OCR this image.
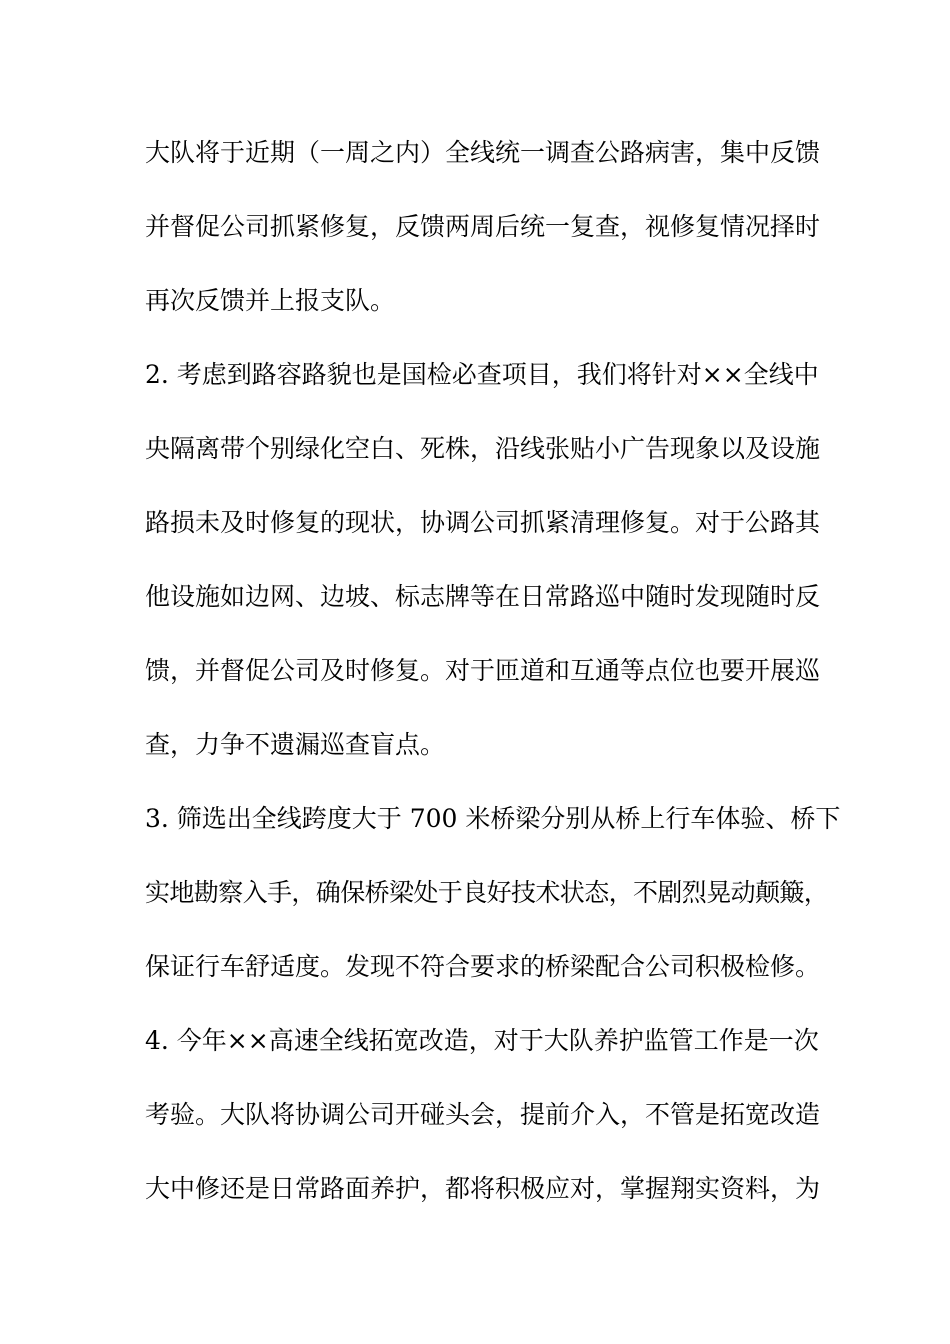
大队将于近期（一周之内）全线统一调查公路病害，集中反馈
并督促公司抓紧修复，反馈两周后统一复查，视修复情况择时
再次反馈并上报支队。
2. 考虑到路容路貌也是国检必查项目，我们将针对××全线中
央隔离带个别绿化空白、死株，沿线张贴小广告现象以及设施
路损未及时修复的现状，协调公司抓紧清理修复。对于公路其
他设施如边网、边坡、标志牌等在日常路巡中随时发现随时反
馈，并督促公司及时修复。对于匝道和互通等点位也要开展巡
查，力争不遗漏巡查盲点。
3. 筛选出全线跨度大于 700 米桥梁分别从桥上行车体验、桥下
实地勘察入手，确保桥梁处于良好技术状态，不剧烈晃动颠簸，
保证行车舒适度。发现不符合要求的桥梁配合公司积极检修。
4. 今年××高速全线拓宽改造，对于大队养护监管工作是一次
考验。大队将协调公司开碰头会，提前介入，不管是拓宽改造
大中修还是日常路面养护，都将积极应对，掌握翔实资料，为
